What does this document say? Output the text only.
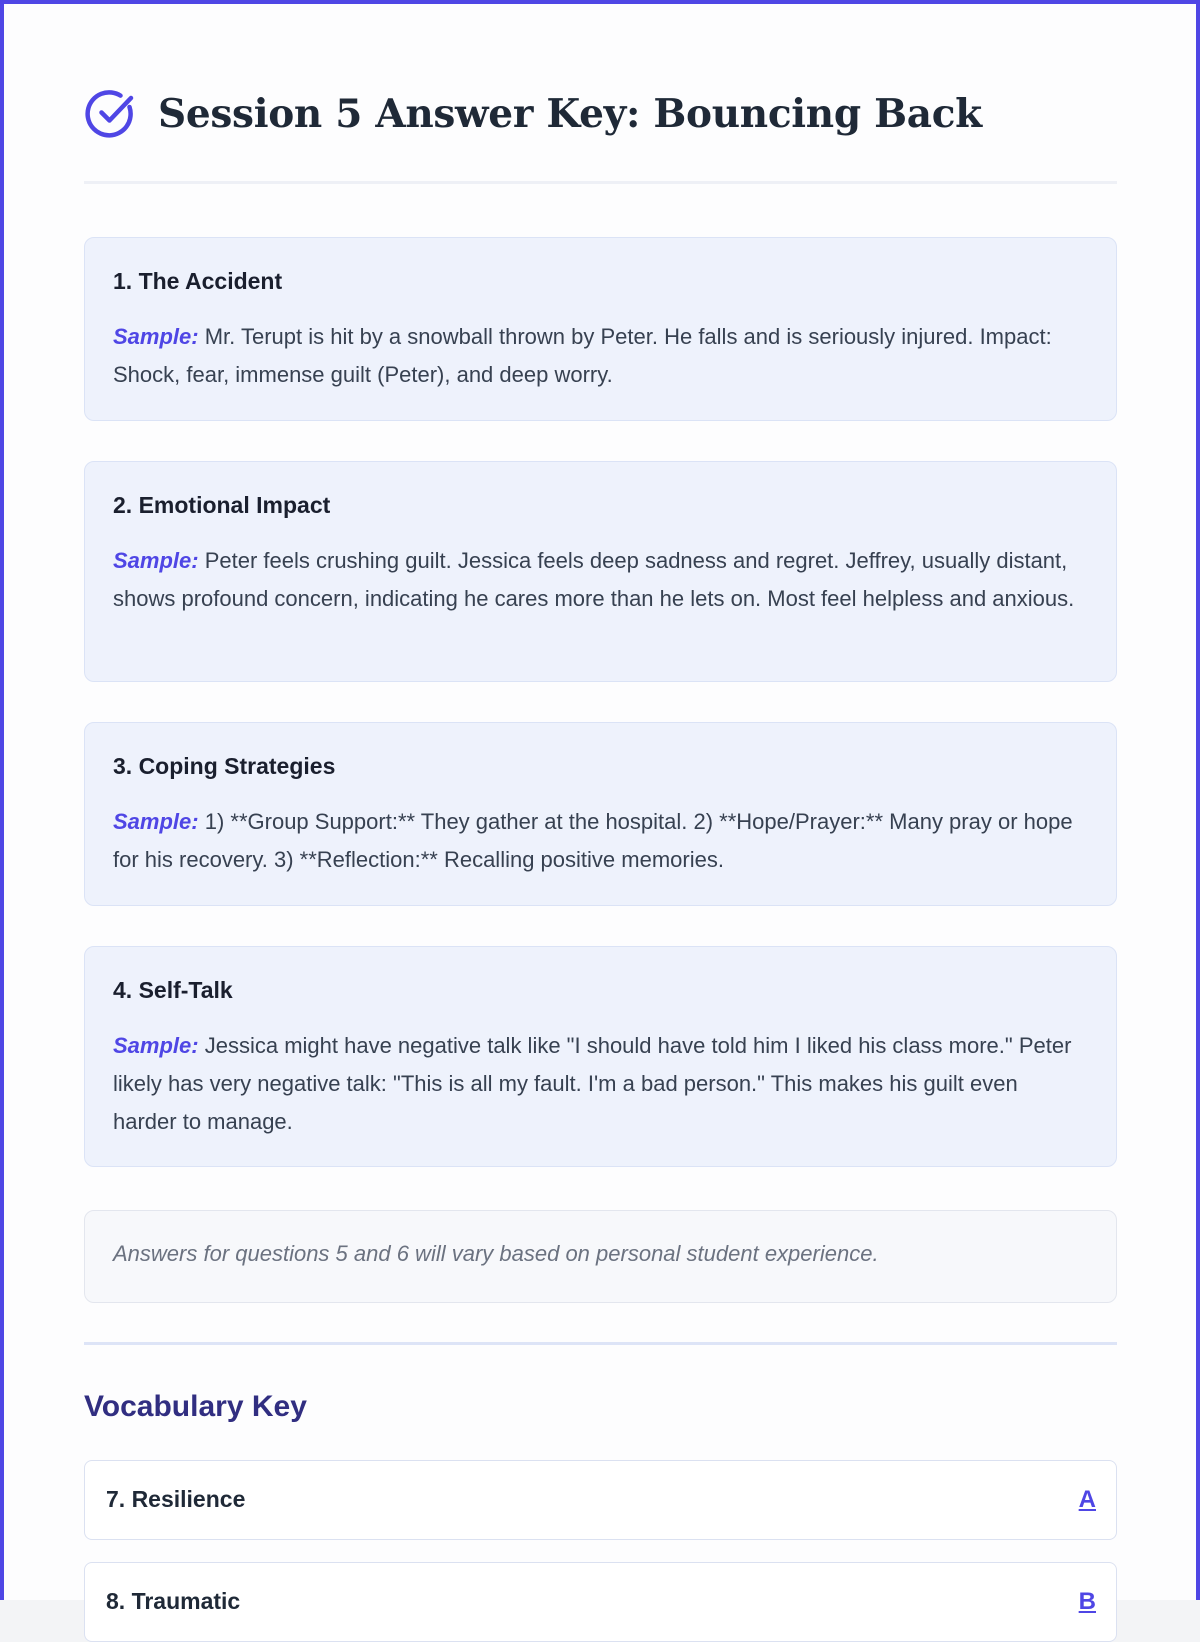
Session 5 Answer Key: Bouncing Back
1. The Accident

Sample: Mr. Terupt is hit by a snowball thrown by Peter. He falls and is seriously injured. Impact: Shock, fear, immense guilt (Peter), and deep worry.

2. Emotional Impact

Sample: Peter feels crushing guilt. Jessica feels deep sadness and regret. Jeffrey, usually distant, shows profound concern, indicating he cares more than he lets on. Most feel helpless and anxious.

3. Coping Strategies

Sample: 1) **Group Support:** They gather at the hospital. 2) **Hope/Prayer:** Many pray or hope for his recovery. 3) **Reflection:** Recalling positive memories.

4. Self-Talk

Sample: Jessica might have negative talk like "I should have told him I liked his class more." Peter likely has very negative talk: "This is all my fault. I'm a bad person." This makes his guilt even harder to manage.

Answers for questions 5 and 6 will vary based on personal student experience.
Vocabulary Key
7. Resilience	A
8. Traumatic	B
